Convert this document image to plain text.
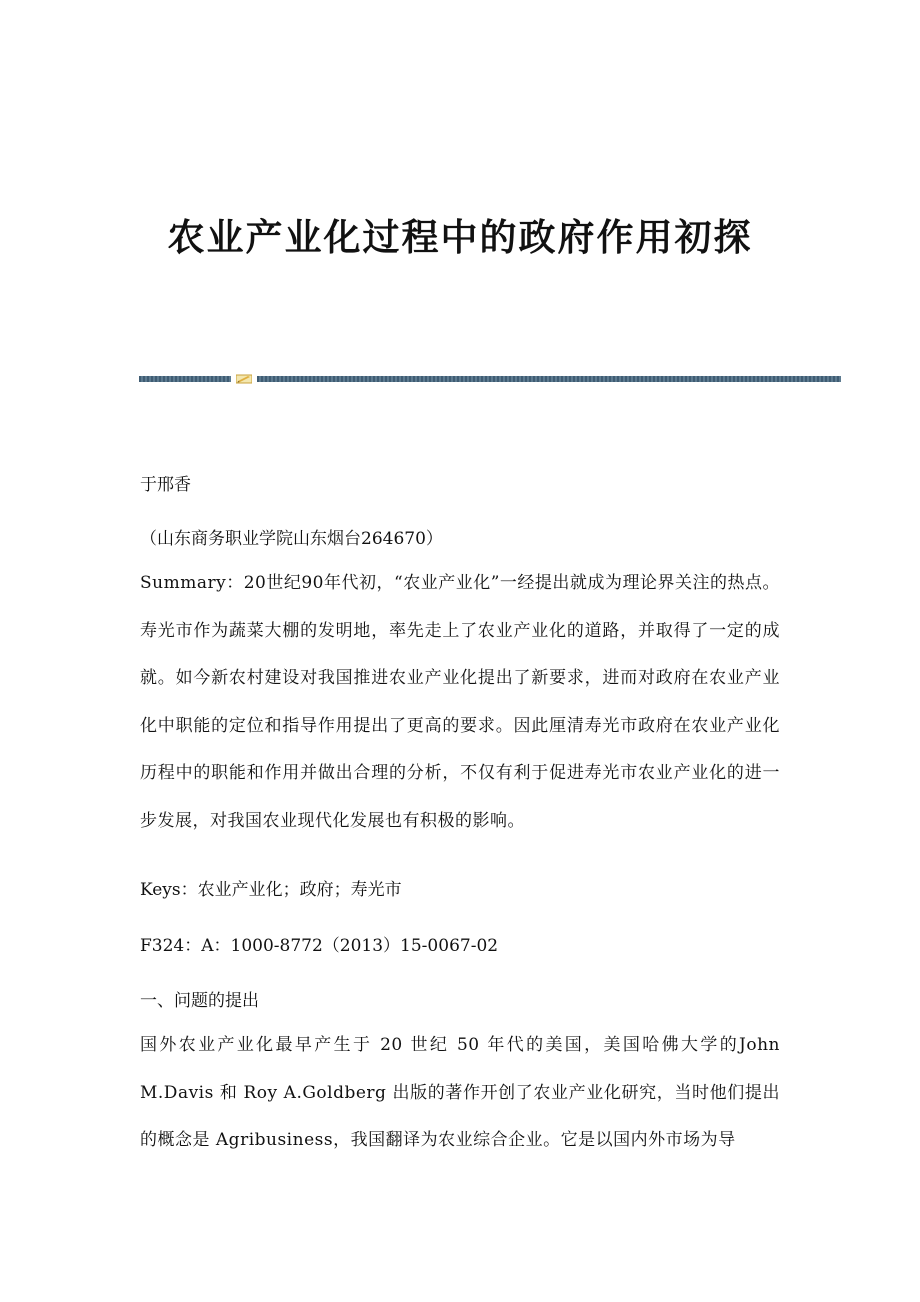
农业产业化过程中的政府作用初探

于邢香

（山东商务职业学院山东烟台264670）

Summary：20世纪90年代初，“农业产业化”一经提出就成为理论界关注的热点。寿光市作为蔬菜大棚的发明地，率先走上了农业产业化的道路，并取得了一定的成就。如今新农村建设对我国推进农业产业化提出了新要求，进而对政府在农业产业化中职能的定位和指导作用提出了更高的要求。因此厘清寿光市政府在农业产业化历程中的职能和作用并做出合理的分析，不仅有利于促进寿光市农业产业化的进一步发展，对我国农业现代化发展也有积极的影响。

Keys：农业产业化；政府；寿光市

F324：A：1000-8772（2013）15-0067-02

一、问题的提出

国外农业产业化最早产生于 20 世纪 50 年代的美国，美国哈佛大学的John M.Davis 和 Roy A.Goldberg 出版的著作开创了农业产业化研究，当时他们提出的概念是 Agribusiness，我国翻译为农业综合企业。它是以国内外市场为导
